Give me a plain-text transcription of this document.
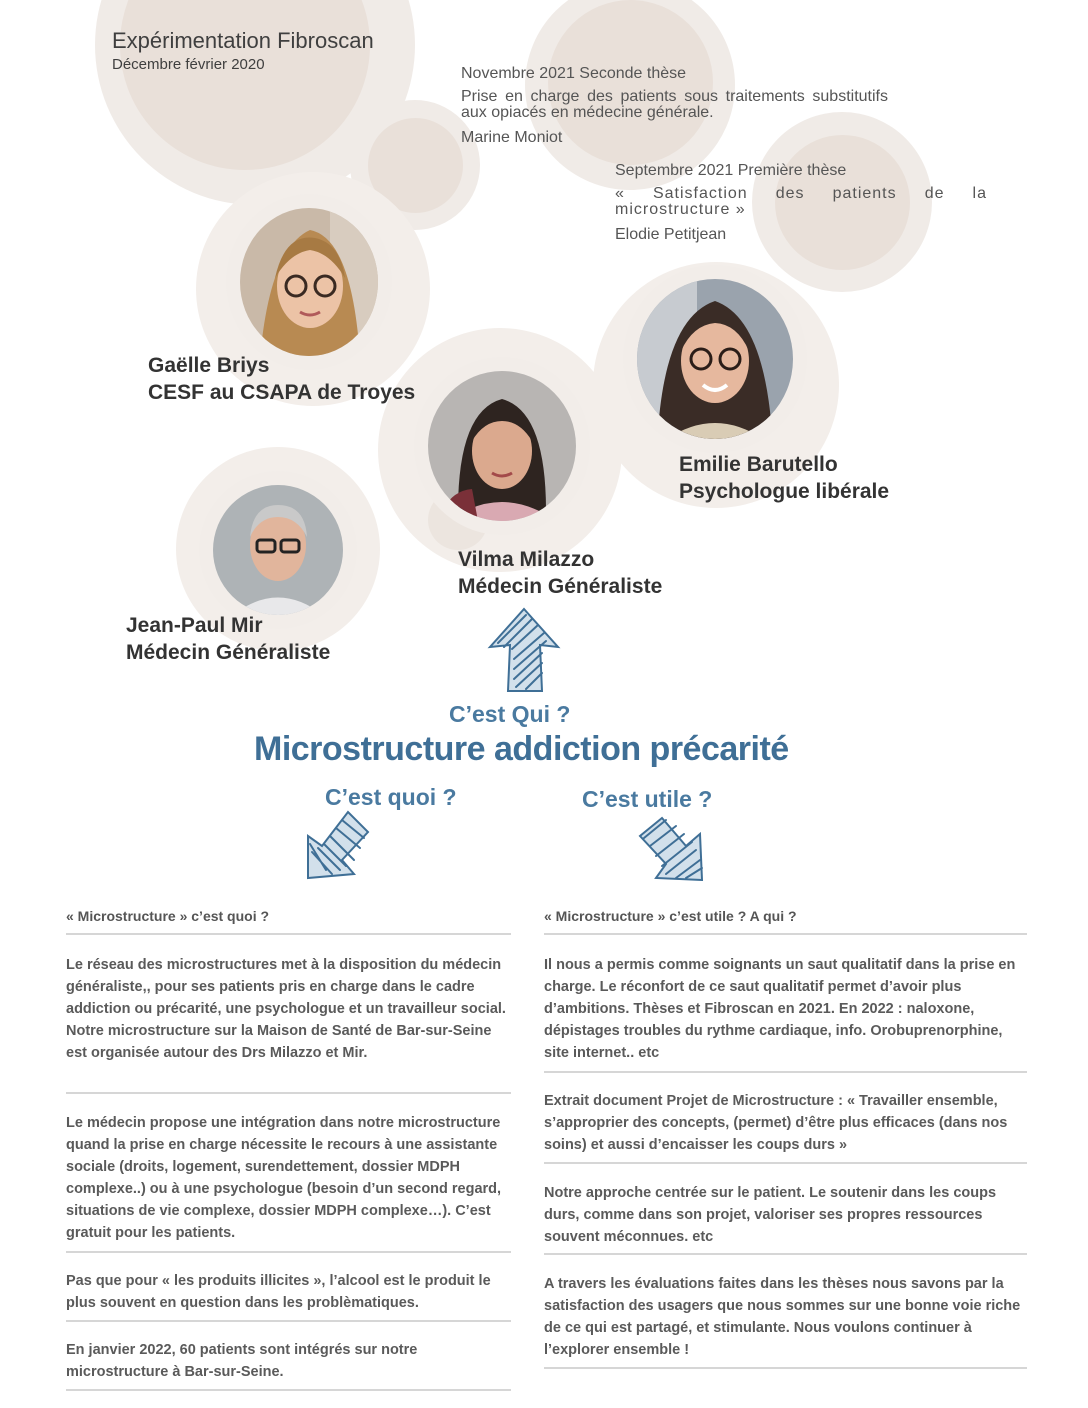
Expérimentation Fibroscan
Décembre février 2020
Novembre 2021 Seconde thèse
Prise en charge des patients sous traitements substitutifs aux opiacés en médecine générale.
Marine Moniot
Septembre 2021 Première thèse
« Satisfaction des patients de la microstructure »
Elodie Petitjean
Gaëlle Briys
CESF au CSAPA de Troyes
Emilie Barutello
Psychologue libérale
Vilma Milazzo
Médecin Généraliste
Jean-Paul Mir
Médecin Généraliste
C’est Qui ?
Microstructure addiction précarité
C’est quoi ?	C’est utile ?
« Microstructure » c’est quoi ?
Le réseau des microstructures met à la disposition du médecin généraliste,, pour ses patients pris en charge dans le cadre addiction ou précarité, une psychologue et un travailleur social. Notre microstructure sur la Maison de Santé de Bar-sur-Seine est organisée autour des Drs Milazzo et Mir.
Le médecin propose une intégration dans notre microstructure quand la prise en charge nécessite le recours à une assistante sociale (droits, logement, surendettement, dossier MDPH complexe..) ou à une psychologue (besoin d’un second regard, situations de vie complexe, dossier MDPH complexe…). C’est gratuit pour les patients.
Pas que pour « les produits illicites », l’alcool est le produit le plus souvent en question dans les problèmatiques.
En janvier 2022, 60 patients sont intégrés sur notre microstructure à Bar-sur-Seine.
« Microstructure » c’est utile ? A qui ?
Il nous a permis comme soignants un saut qualitatif dans la prise en charge. Le réconfort de ce saut qualitatif permet d’avoir plus d’ambitions. Thèses et Fibroscan en 2021. En 2022 : naloxone, dépistages troubles du rythme cardiaque, info. Orobuprenorphine, site internet.. etc
Extrait document Projet de Microstructure : « Travailler ensemble, s’approprier des concepts, (permet) d’être plus efficaces (dans nos soins) et aussi d’encaisser les coups durs »
Notre approche centrée sur le patient. Le soutenir dans les coups durs, comme dans son projet, valoriser ses propres ressources souvent méconnues. etc
A travers les évaluations faites dans les thèses nous savons par la satisfaction des usagers que nous sommes sur une bonne voie riche de ce qui est partagé, et stimulante. Nous voulons continuer à l’explorer ensemble !
